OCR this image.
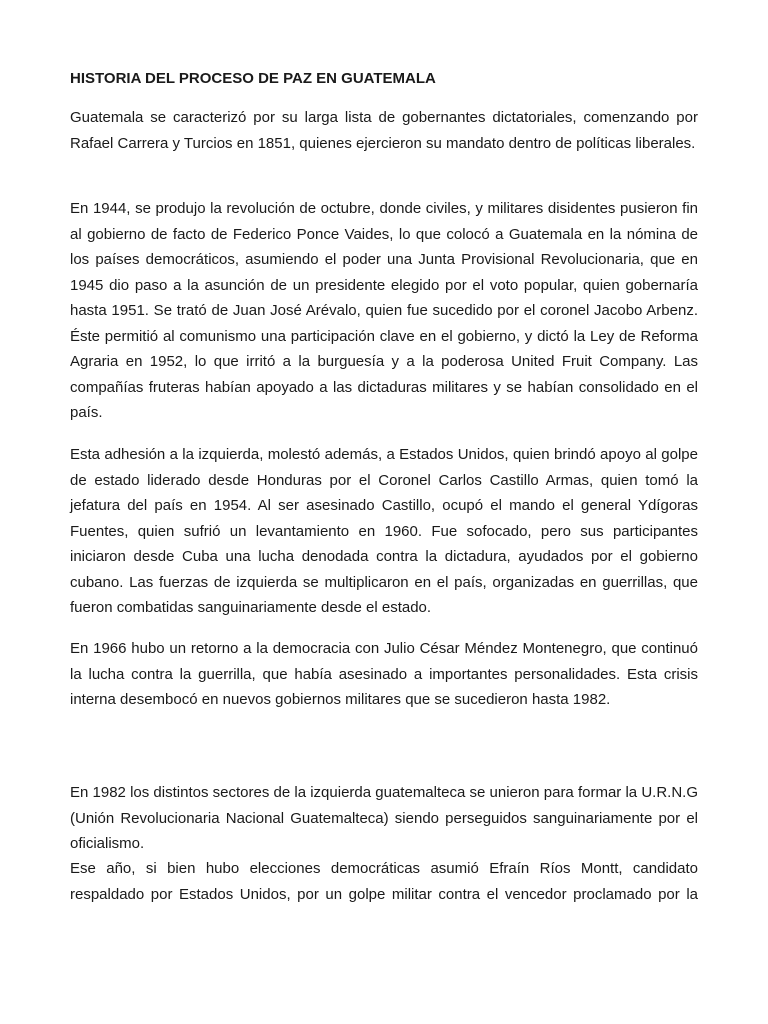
HISTORIA DEL PROCESO DE PAZ EN GUATEMALA

Guatemala se caracterizó por su larga lista de gobernantes dictatoriales, comenzando por Rafael Carrera y Turcios en 1851, quienes ejercieron su mandato dentro de políticas liberales.

En 1944, se produjo la revolución de octubre, donde civiles, y militares disidentes pusieron fin al gobierno de facto de Federico Ponce Vaides, lo que colocó a Guatemala en la nómina de los países democráticos, asumiendo el poder una Junta Provisional Revolucionaria, que en 1945 dio paso a la asunción de un presidente elegido por el voto popular, quien gobernaría hasta 1951. Se trató de Juan José Arévalo, quien fue sucedido por el coronel Jacobo Arbenz. Éste permitió al comunismo una participación clave en el gobierno, y dictó la Ley de Reforma Agraria en 1952, lo que irritó a la burguesía y a la poderosa United Fruit Company. Las compañías fruteras habían apoyado a las dictaduras militares y se habían consolidado en el país.

Esta adhesión a la izquierda, molestó además, a Estados Unidos, quien brindó apoyo al golpe de estado liderado desde Honduras por el Coronel Carlos Castillo Armas, quien tomó la jefatura del país en 1954. Al ser asesinado Castillo, ocupó el mando el general Ydígoras Fuentes, quien sufrió un levantamiento en 1960. Fue sofocado, pero sus participantes iniciaron desde Cuba una lucha denodada contra la dictadura, ayudados por el gobierno cubano. Las fuerzas de izquierda se multiplicaron en el país, organizadas en guerrillas, que fueron combatidas sanguinariamente desde el estado.

En 1966 hubo un retorno a la democracia con Julio César Méndez Montenegro, que continuó la lucha contra la guerrilla, que había asesinado a importantes personalidades. Esta crisis interna desembocó en nuevos gobiernos militares que se sucedieron hasta 1982.

En 1982 los distintos sectores de la izquierda guatemalteca se unieron para formar la U.R.N.G (Unión Revolucionaria Nacional Guatemalteca) siendo perseguidos sanguinariamente por el oficialismo.

Ese año, si bien hubo elecciones democráticas asumió Efraín Ríos Montt, candidato respaldado por Estados Unidos, por un golpe militar contra el vencedor proclamado por la
